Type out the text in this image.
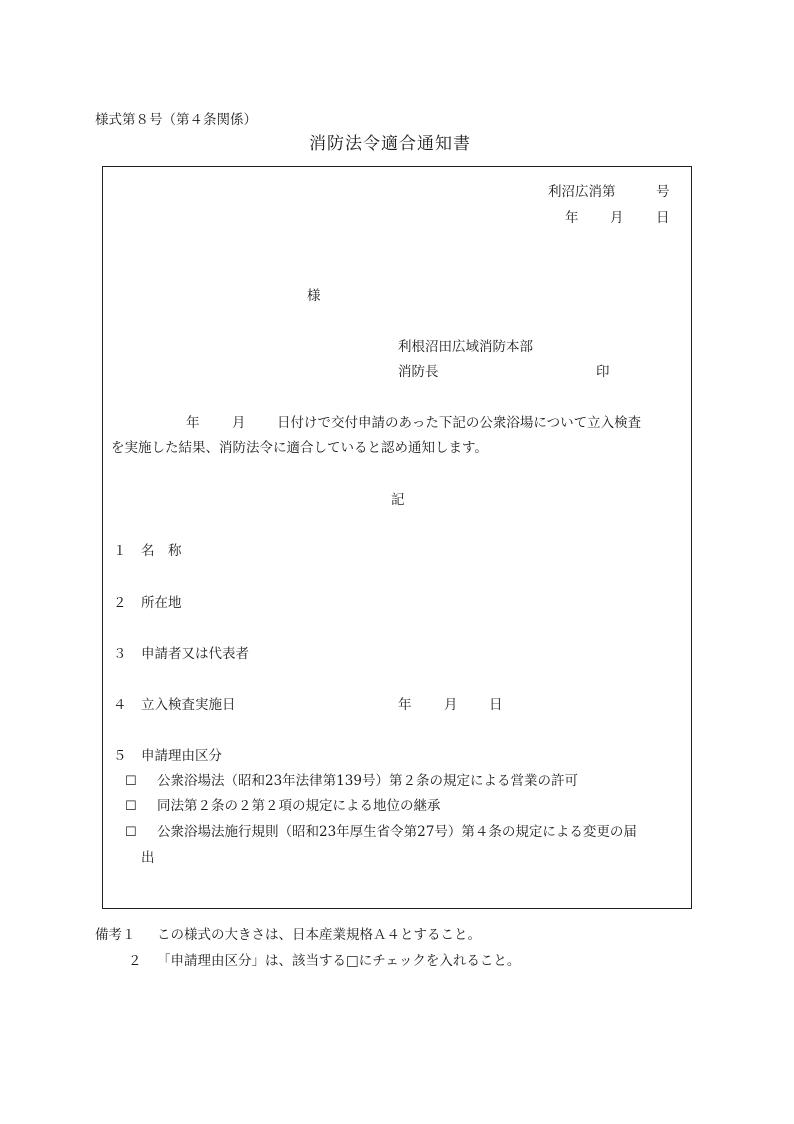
様式第８号（第４条関係）
消防法令適合通知書
利沼広消第	号
年 月 日
様
利根沼田広域消防本部
消防長	印
年 月 日付けで交付申請のあった下記の公衆浴場について立入検査
を実施した結果、消防法令に適合していると認め通知します。
記
１ 名　称
２ 所在地
３ 申請者又は代表者
４ 立入検査実施日	年 月 日
５ 申請理由区分
☐ 公衆浴場法（昭和23年法律第139号）第２条の規定による営業の許可
☐ 同法第２条の２第２項の規定による地位の継承
☐ 公衆浴場法施行規則（昭和23年厚生省令第27号）第４条の規定による変更の届
出
備考１ この様式の大きさは、日本産業規格Ａ４とすること。
２ 「申請理由区分」は、該当する□にチェックを入れること。
